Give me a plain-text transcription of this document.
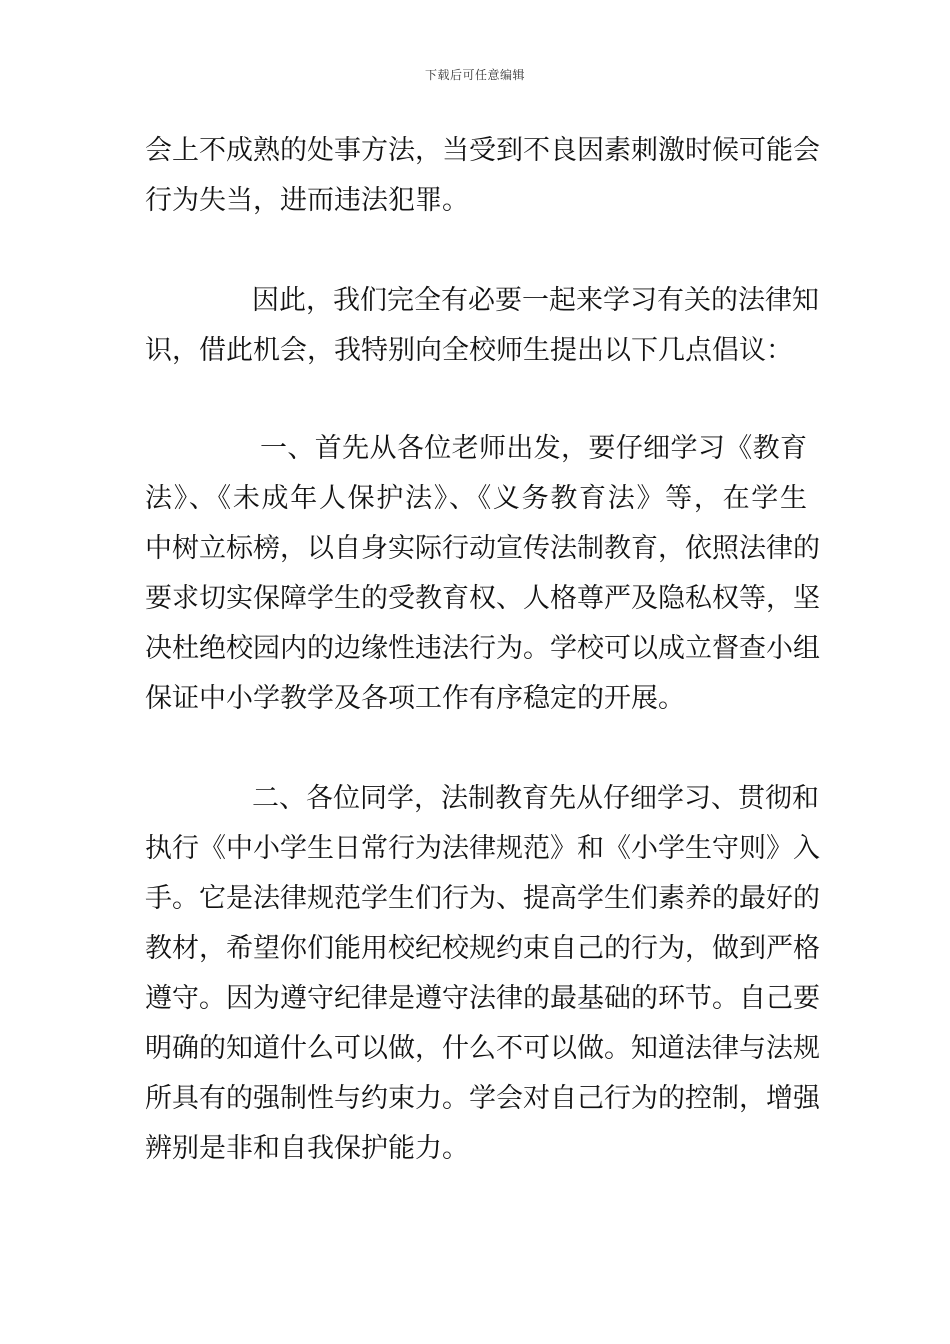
下载后可任意编辑
会上不成熟的处事方法，当受到不良因素刺激时候可能会
行为失当，进而违法犯罪。
因此，我们完全有必要一起来学习有关的法律知
识，借此机会，我特别向全校师生提出以下几点倡议：
一、首先从各位老师出发，要仔细学习《教育
法》、《未成年人保护法》、《义务教育法》等，在学生
中树立标榜，以自身实际行动宣传法制教育，依照法律的
要求切实保障学生的受教育权、人格尊严及隐私权等，坚
决杜绝校园内的边缘性违法行为。学校可以成立督查小组
保证中小学教学及各项工作有序稳定的开展。
二、各位同学，法制教育先从仔细学习、贯彻和
执行《中小学生日常行为法律规范》和《小学生守则》入
手。它是法律规范学生们行为、提高学生们素养的最好的
教材，希望你们能用校纪校规约束自己的行为，做到严格
遵守。因为遵守纪律是遵守法律的最基础的环节。自己要
明确的知道什么可以做，什么不可以做。知道法律与法规
所具有的强制性与约束力。学会对自己行为的控制，增强
辨别是非和自我保护能力。
